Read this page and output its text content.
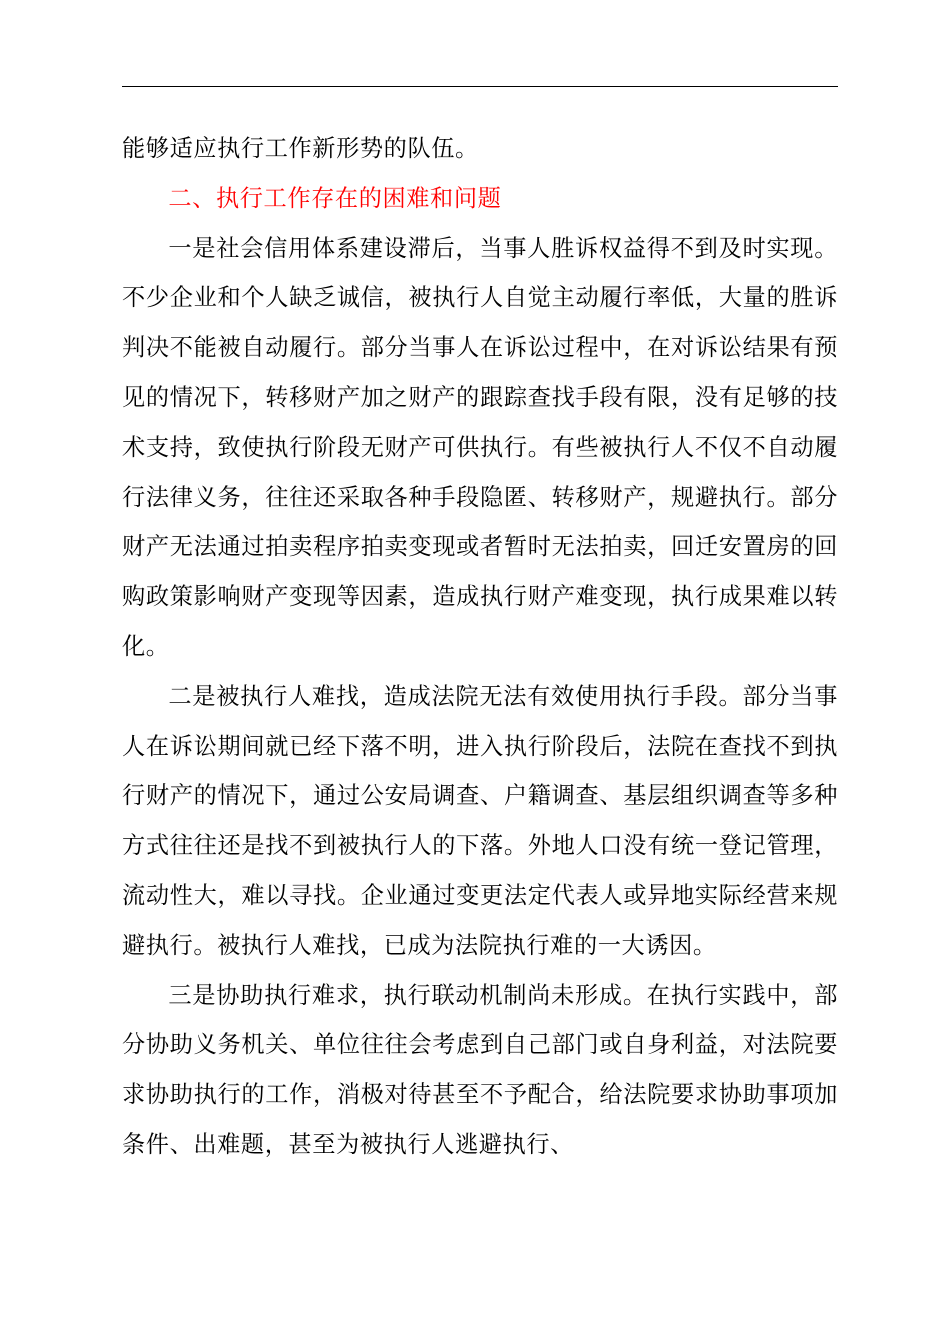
能够适应执行工作新形势的队伍。

二、执行工作存在的困难和问题

一是社会信用体系建设滞后，当事人胜诉权益得不到及时实现。不少企业和个人缺乏诚信，被执行人自觉主动履行率低，大量的胜诉判决不能被自动履行。部分当事人在诉讼过程中，在对诉讼结果有预见的情况下，转移财产加之财产的跟踪查找手段有限，没有足够的技术支持，致使执行阶段无财产可供执行。有些被执行人不仅不自动履行法律义务，往往还采取各种手段隐匿、转移财产，规避执行。部分财产无法通过拍卖程序拍卖变现或者暂时无法拍卖，回迁安置房的回购政策影响财产变现等因素，造成执行财产难变现，执行成果难以转化。

二是被执行人难找，造成法院无法有效使用执行手段。部分当事人在诉讼期间就已经下落不明，进入执行阶段后，法院在查找不到执行财产的情况下，通过公安局调查、户籍调查、基层组织调查等多种方式往往还是找不到被执行人的下落。外地人口没有统一登记管理，流动性大，难以寻找。企业通过变更法定代表人或异地实际经营来规避执行。被执行人难找，已成为法院执行难的一大诱因。

三是协助执行难求，执行联动机制尚未形成。在执行实践中，部分协助义务机关、单位往往会考虑到自己部门或自身利益，对法院要求协助执行的工作，消极对待甚至不予配合，给法院要求协助事项加条件、出难题，甚至为被执行人逃避执行、
